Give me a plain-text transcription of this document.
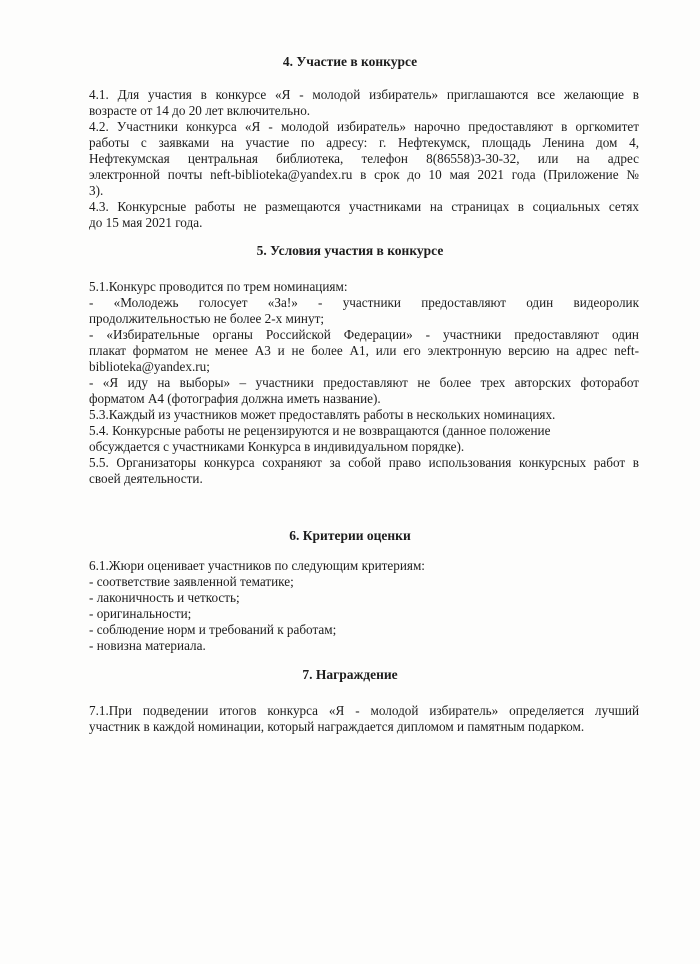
4. Участие в конкурсе
4.1. Для участия в конкурсе «Я - молодой избиратель» приглашаются все желающие в
возрасте от 14 до 20 лет включительно.
4.2. Участники конкурса «Я - молодой избиратель» нарочно предоставляют в оргкомитет
работы с заявками на участие по адресу: г. Нефтекумск, площадь Ленина дом 4,
Нефтекумская центральная библиотека, телефон 8(86558)3-30-32, или на адрес
электронной почты neft-biblioteka@yandex.ru в срок до 10 мая 2021 года (Приложение №
3).
4.3. Конкурсные работы не размещаются участниками на страницах в социальных сетях
до 15 мая 2021 года.
5. Условия участия в конкурсе
5.1.Конкурс проводится по трем номинациям:
- «Молодежь голосует «За!» - участники предоставляют один видеоролик
продолжительностью не более 2-х минут;
- «Избирательные органы Российской Федерации» - участники предоставляют один
плакат форматом не менее А3 и не более А1, или его электронную версию на адрес neft-
biblioteka@yandex.ru;
- «Я иду на выборы» – участники предоставляют не более трех авторских фоторабот
форматом А4 (фотография должна иметь название).
5.3.Каждый из участников может предоставлять работы в нескольких номинациях.
5.4. Конкурсные работы не рецензируются и не возвращаются (данное положение
обсуждается с участниками Конкурса в индивидуальном порядке).
5.5. Организаторы конкурса сохраняют за собой право использования конкурсных работ в
своей деятельности.
6. Критерии оценки
6.1.Жюри оценивает участников по следующим критериям:
- соответствие заявленной тематике;
- лаконичность и четкость;
- оригинальности;
- соблюдение норм и требований к работам;
- новизна материала.
7. Награждение
7.1.При подведении итогов конкурса «Я - молодой избиратель» определяется лучший
участник в каждой номинации, который награждается дипломом и памятным подарком.
